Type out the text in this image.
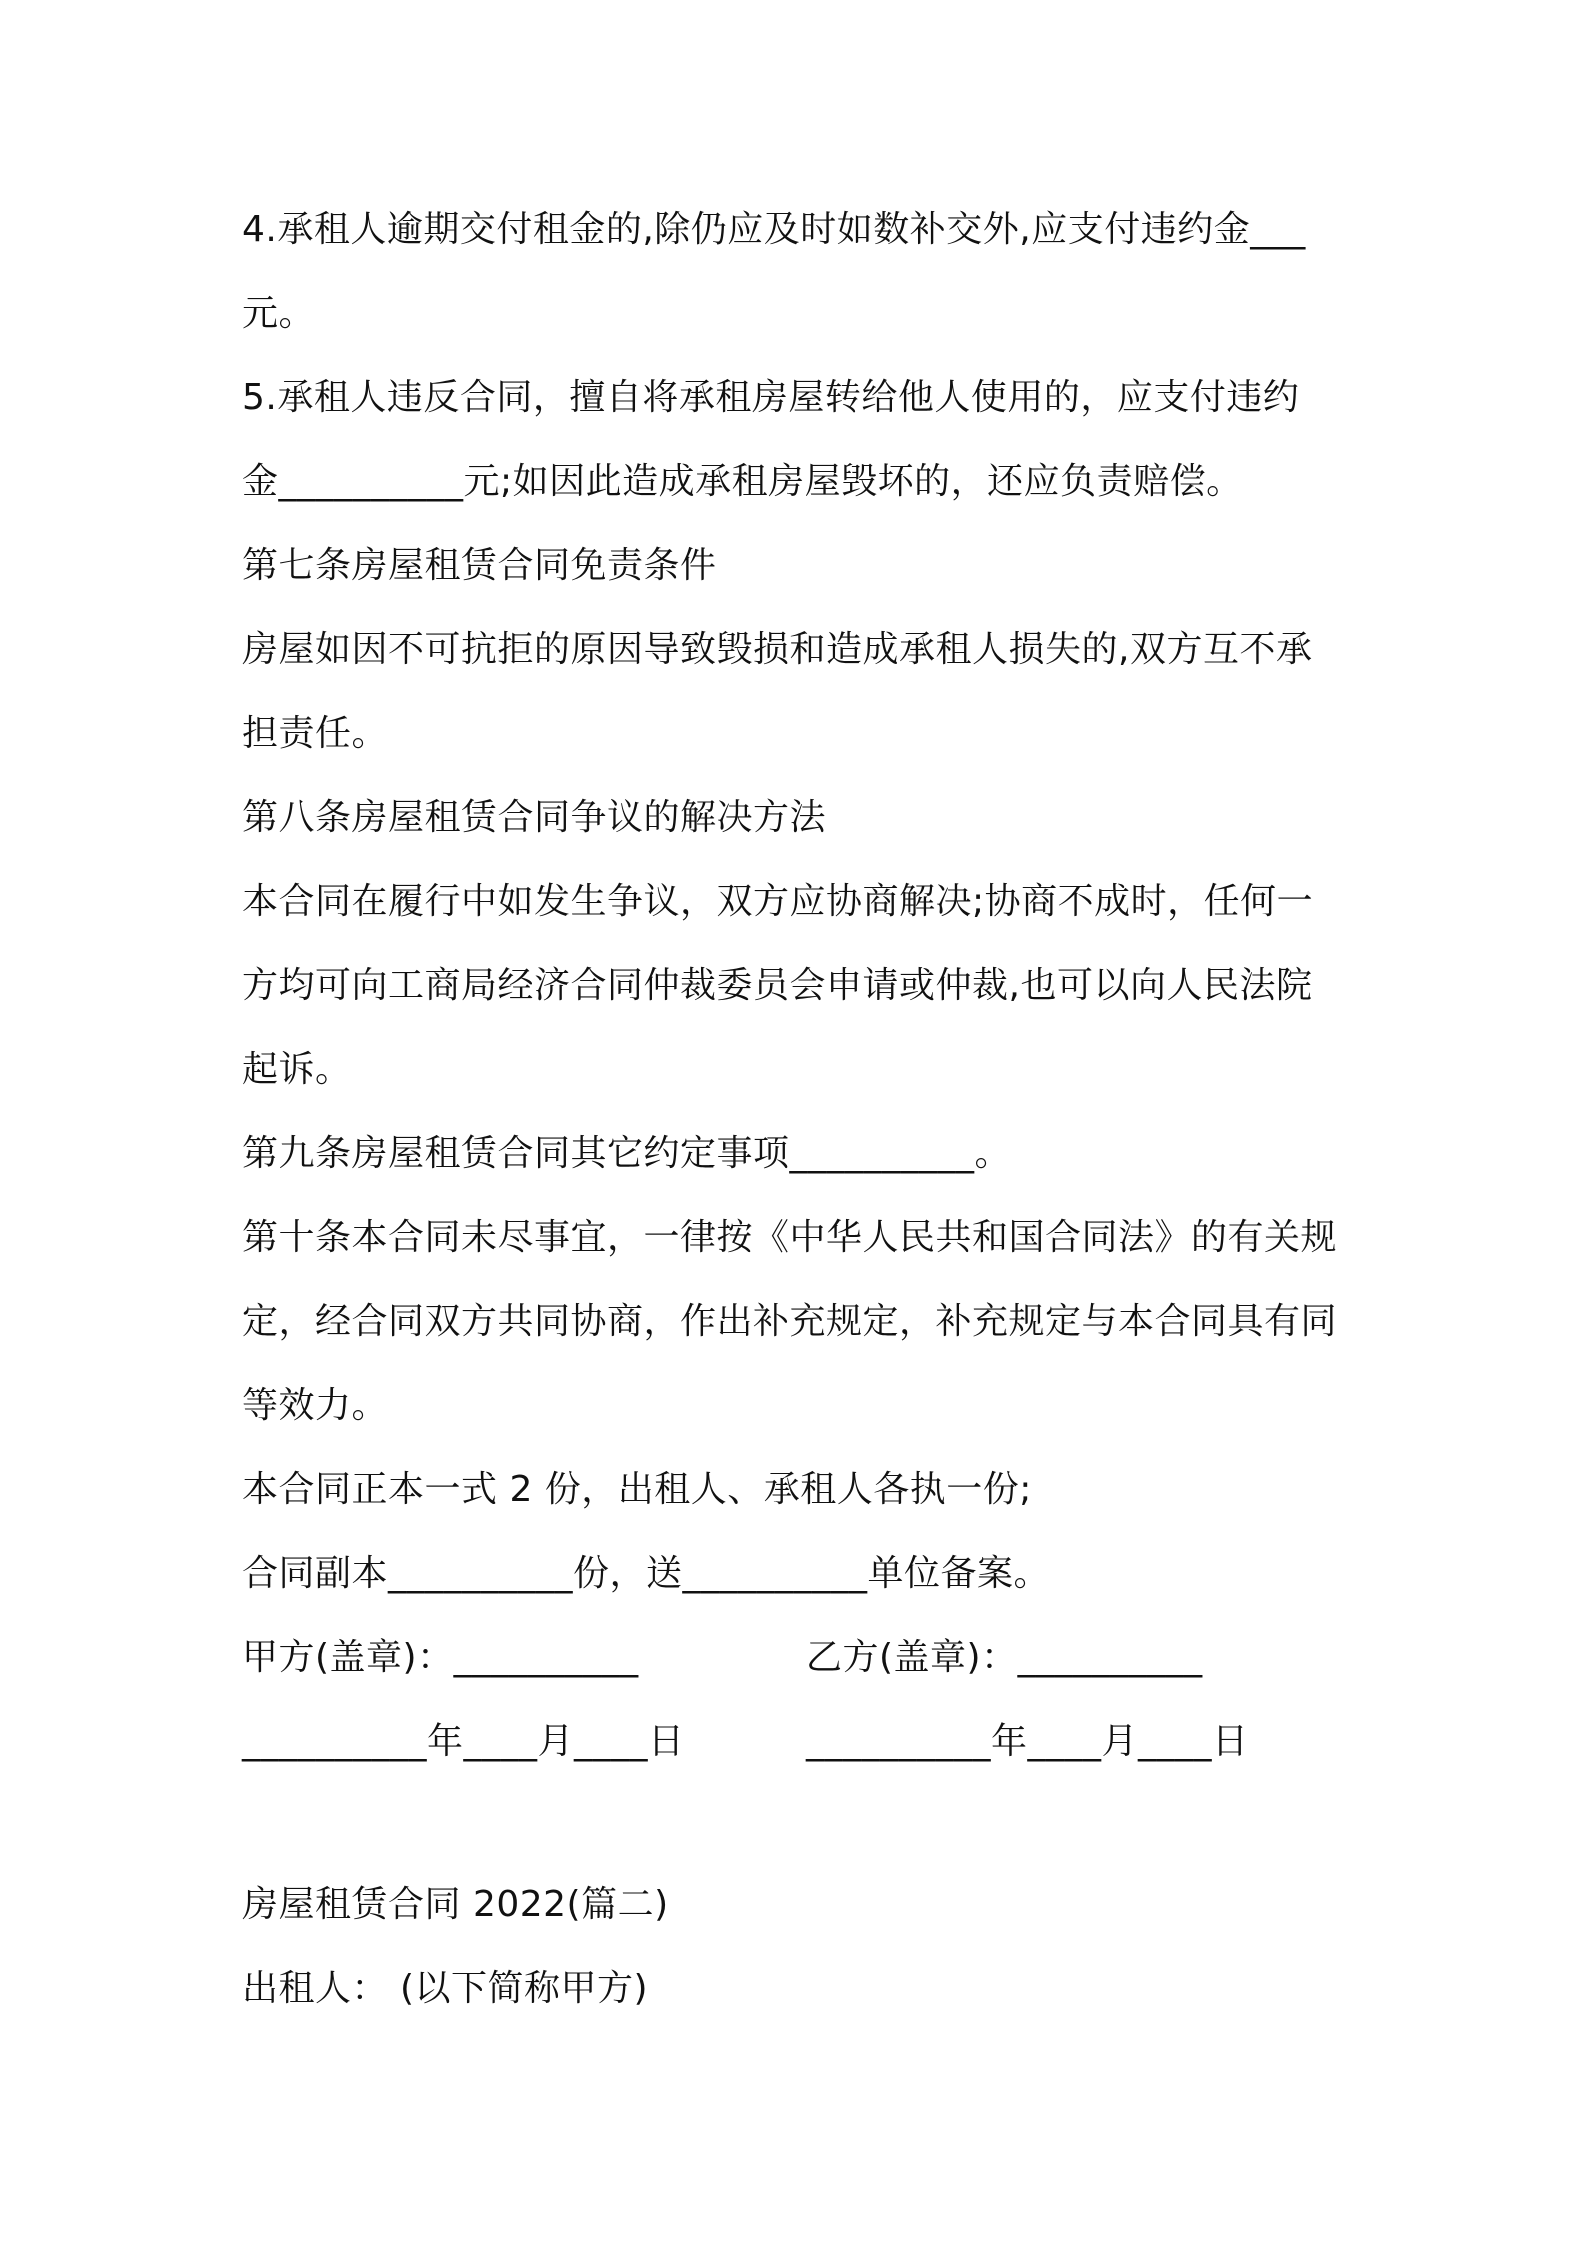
4.承租人逾期交付租金的,除仍应及时如数补交外,应支付违约金___
元。
5.承租人违反合同，擅自将承租房屋转给他人使用的，应支付违约
金__________元;如因此造成承租房屋毁坏的，还应负责赔偿。
第七条房屋租赁合同免责条件
房屋如因不可抗拒的原因导致毁损和造成承租人损失的,双方互不承
担责任。
第八条房屋租赁合同争议的解决方法
本合同在履行中如发生争议，双方应协商解决;协商不成时，任何一
方均可向工商局经济合同仲裁委员会申请或仲裁,也可以向人民法院
起诉。
第九条房屋租赁合同其它约定事项__________。
第十条本合同未尽事宜，一律按《中华人民共和国合同法》的有关规
定，经合同双方共同协商，作出补充规定，补充规定与本合同具有同
等效力。
本合同正本一式 2 份，出租人、承租人各执一份;
合同副本__________份，送__________单位备案。
甲方(盖章)：__________	乙方(盖章)：__________
__________年____月____日	__________年____月____日
房屋租赁合同 2022(篇二)
出租人： (以下简称甲方)
